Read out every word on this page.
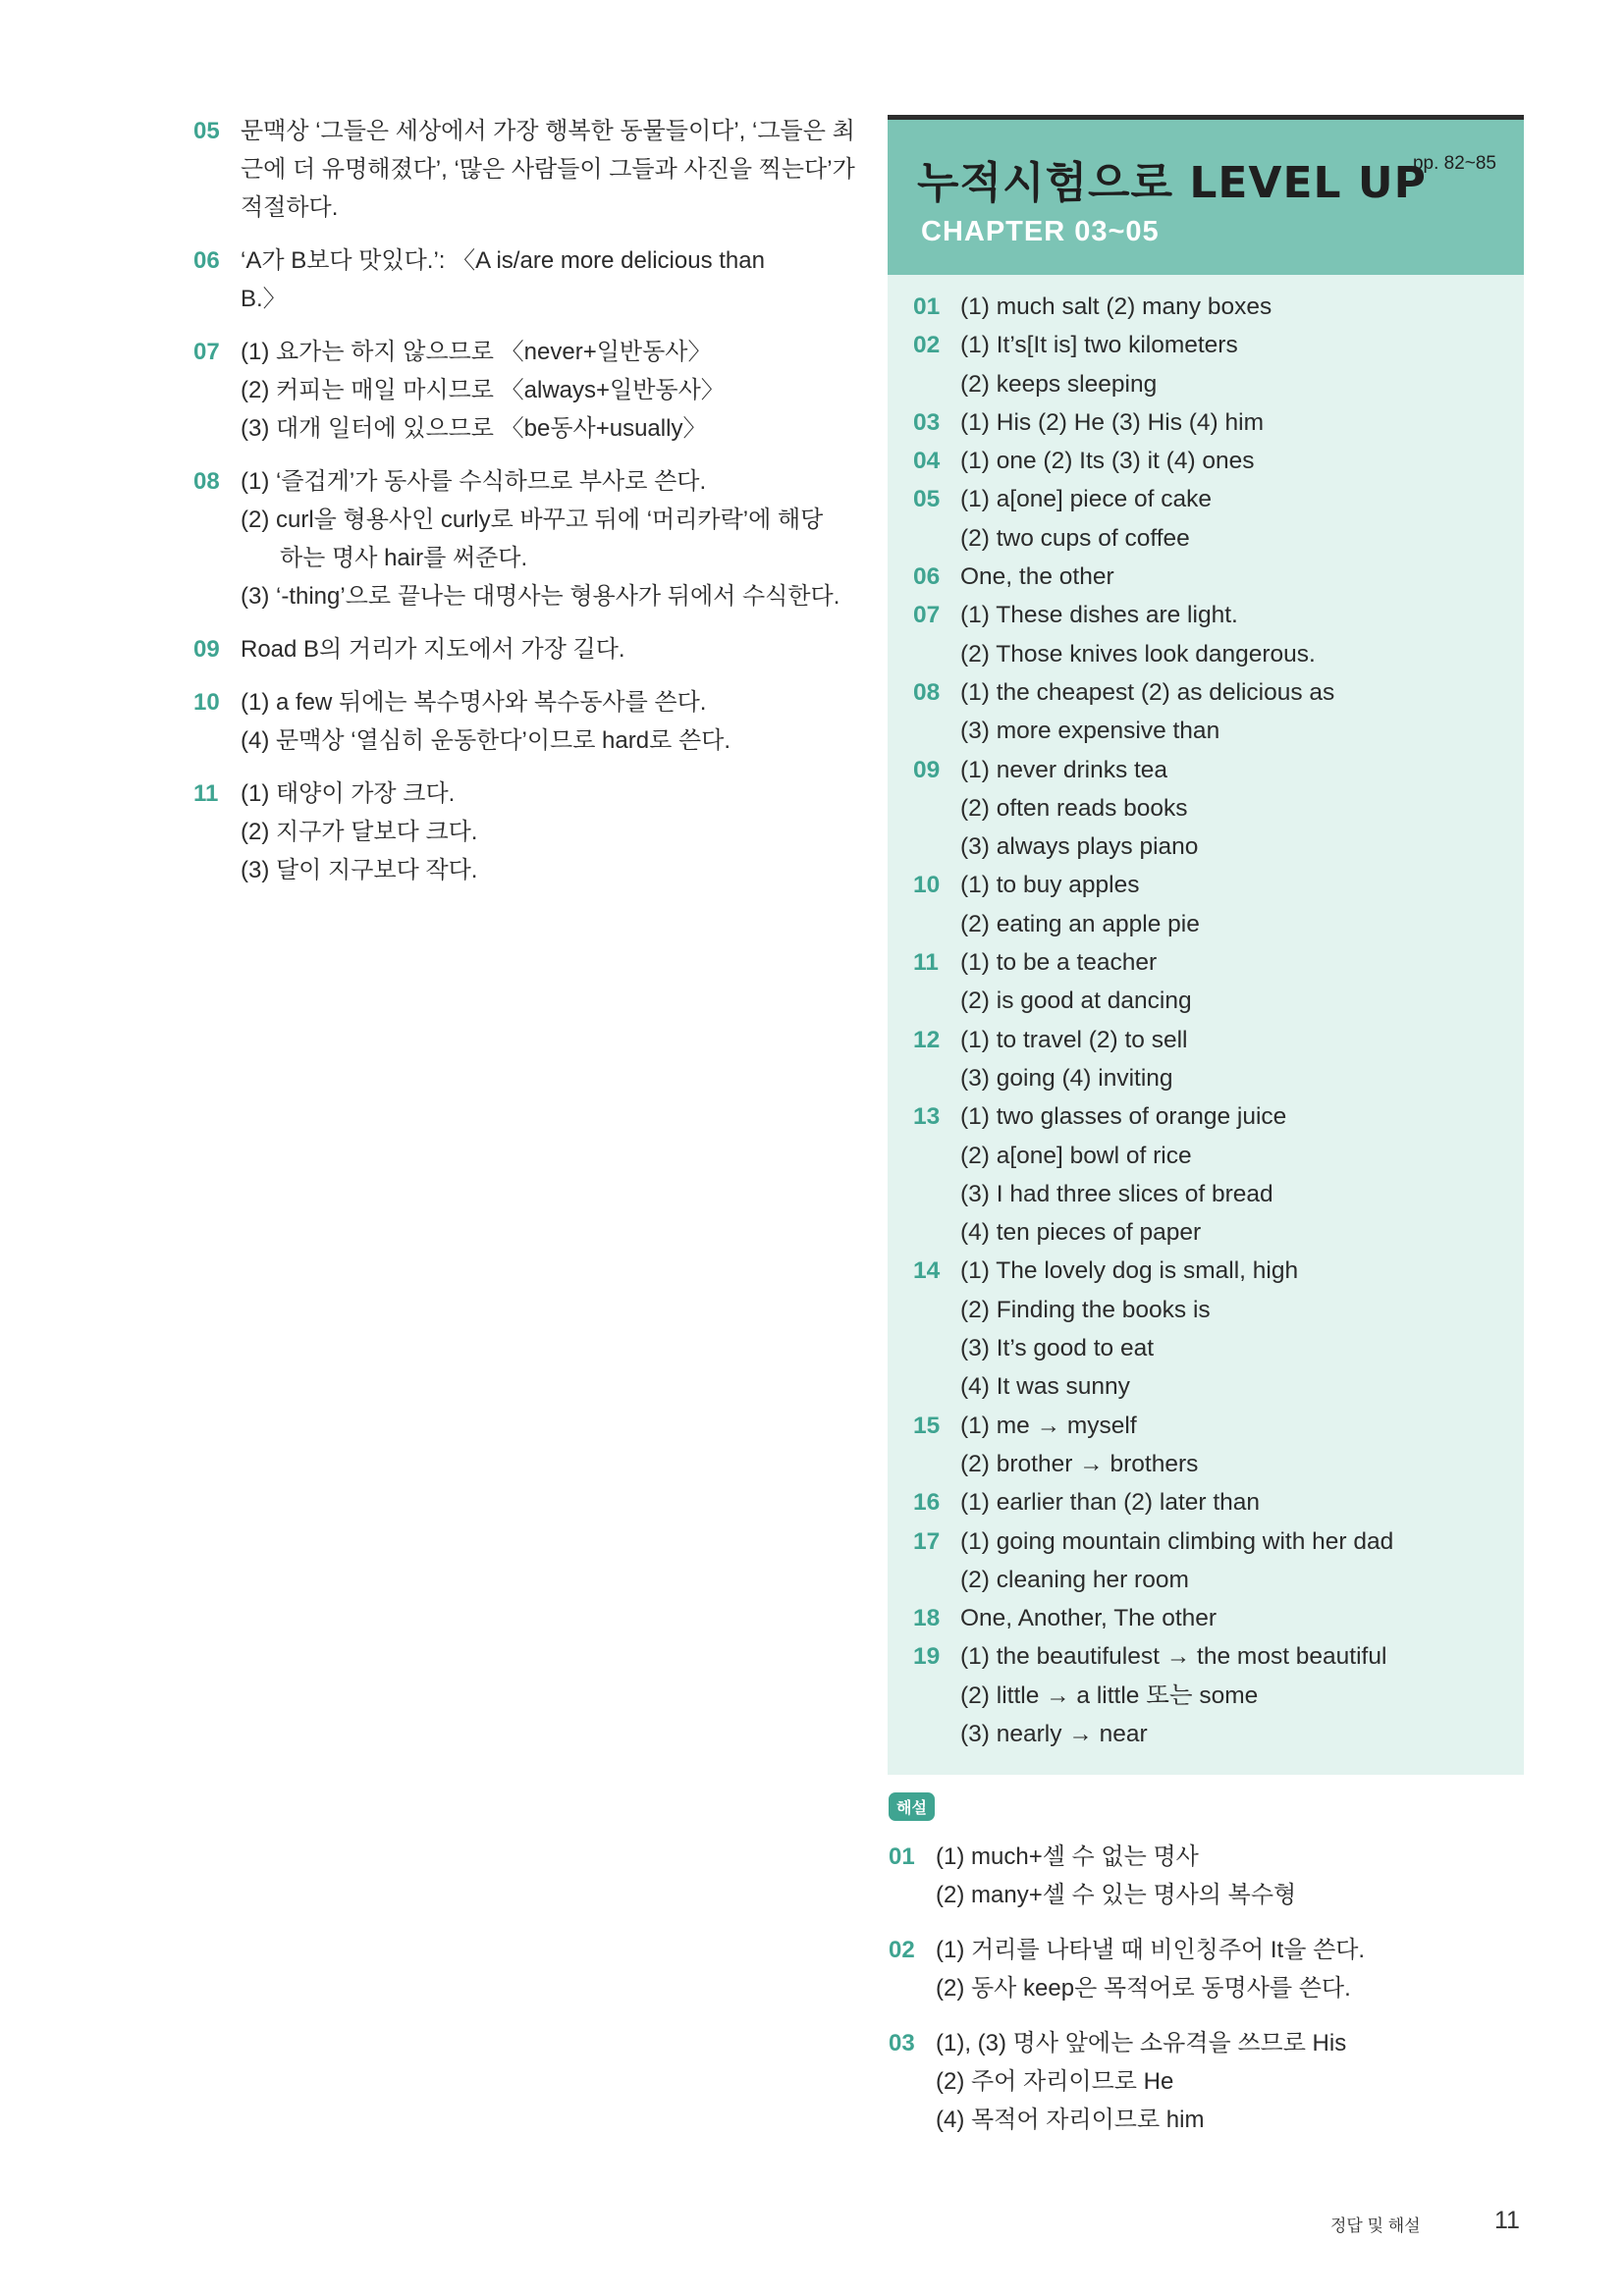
05 문맥상 ‘그들은 세상에서 가장 행복한 동물들이다’, ‘그들은 최
근에 더 유명해졌다’, ‘많은 사람들이 그들과 사진을 찍는다’가
적절하다.
06 ‘A가 B보다 맛있다.’: 〈A is/are more delicious than
B.〉
07 (1) 요가는 하지 않으므로 〈never+일반동사〉
(2) 커피는 매일 마시므로 〈always+일반동사〉
(3) 대개 일터에 있으므로 〈be동사+usually〉
08 (1) ‘즐겁게’가 동사를 수식하므로 부사로 쓴다.
(2) curl을 형용사인 curly로 바꾸고 뒤에 ‘머리카락’에 해당
하는 명사 hair를 써준다.
(3) ‘-thing’으로 끝나는 대명사는 형용사가 뒤에서 수식한다.
09 Road B의 거리가 지도에서 가장 길다.
10 (1) a few 뒤에는 복수명사와 복수동사를 쓴다.
(4) 문맥상 ‘열심히 운동한다’이므로 hard로 쓴다.
11 (1) 태양이 가장 크다.
(2) 지구가 달보다 크다.
(3) 달이 지구보다 작다.
누적시험으로 LEVEL UP
pp. 82~85
CHAPTER 03~05
01 (1) much salt (2) many boxes
02 (1) It’s[It is] two kilometers
(2) keeps sleeping
03 (1) His (2) He (3) His (4) him
04 (1) one (2) Its (3) it (4) ones
05 (1) a[one] piece of cake
(2) two cups of coffee
06 One, the other
07 (1) These dishes are light.
(2) Those knives look dangerous.
08 (1) the cheapest (2) as delicious as
(3) more expensive than
09 (1) never drinks tea
(2) often reads books
(3) always plays piano
10 (1) to buy apples
(2) eating an apple pie
11 (1) to be a teacher
(2) is good at dancing
12 (1) to travel (2) to sell
(3) going (4) inviting
13 (1) two glasses of orange juice
(2) a[one] bowl of rice
(3) I had three slices of bread
(4) ten pieces of paper
14 (1) The lovely dog is small, high
(2) Finding the books is
(3) It’s good to eat
(4) It was sunny
15 (1) me → myself
(2) brother → brothers
16 (1) earlier than (2) later than
17 (1) going mountain climbing with her dad
(2) cleaning her room
18 One, Another, The other
19 (1) the beautifulest → the most beautiful
(2) little → a little 또는 some
(3) nearly → near
해설
01 (1) much+셀 수 없는 명사
(2) many+셀 수 있는 명사의 복수형
02 (1) 거리를 나타낼 때 비인칭주어 It을 쓴다.
(2) 동사 keep은 목적어로 동명사를 쓴다.
03 (1), (3) 명사 앞에는 소유격을 쓰므로 His
(2) 주어 자리이므로 He
(4) 목적어 자리이므로 him
정답 및 해설	11
